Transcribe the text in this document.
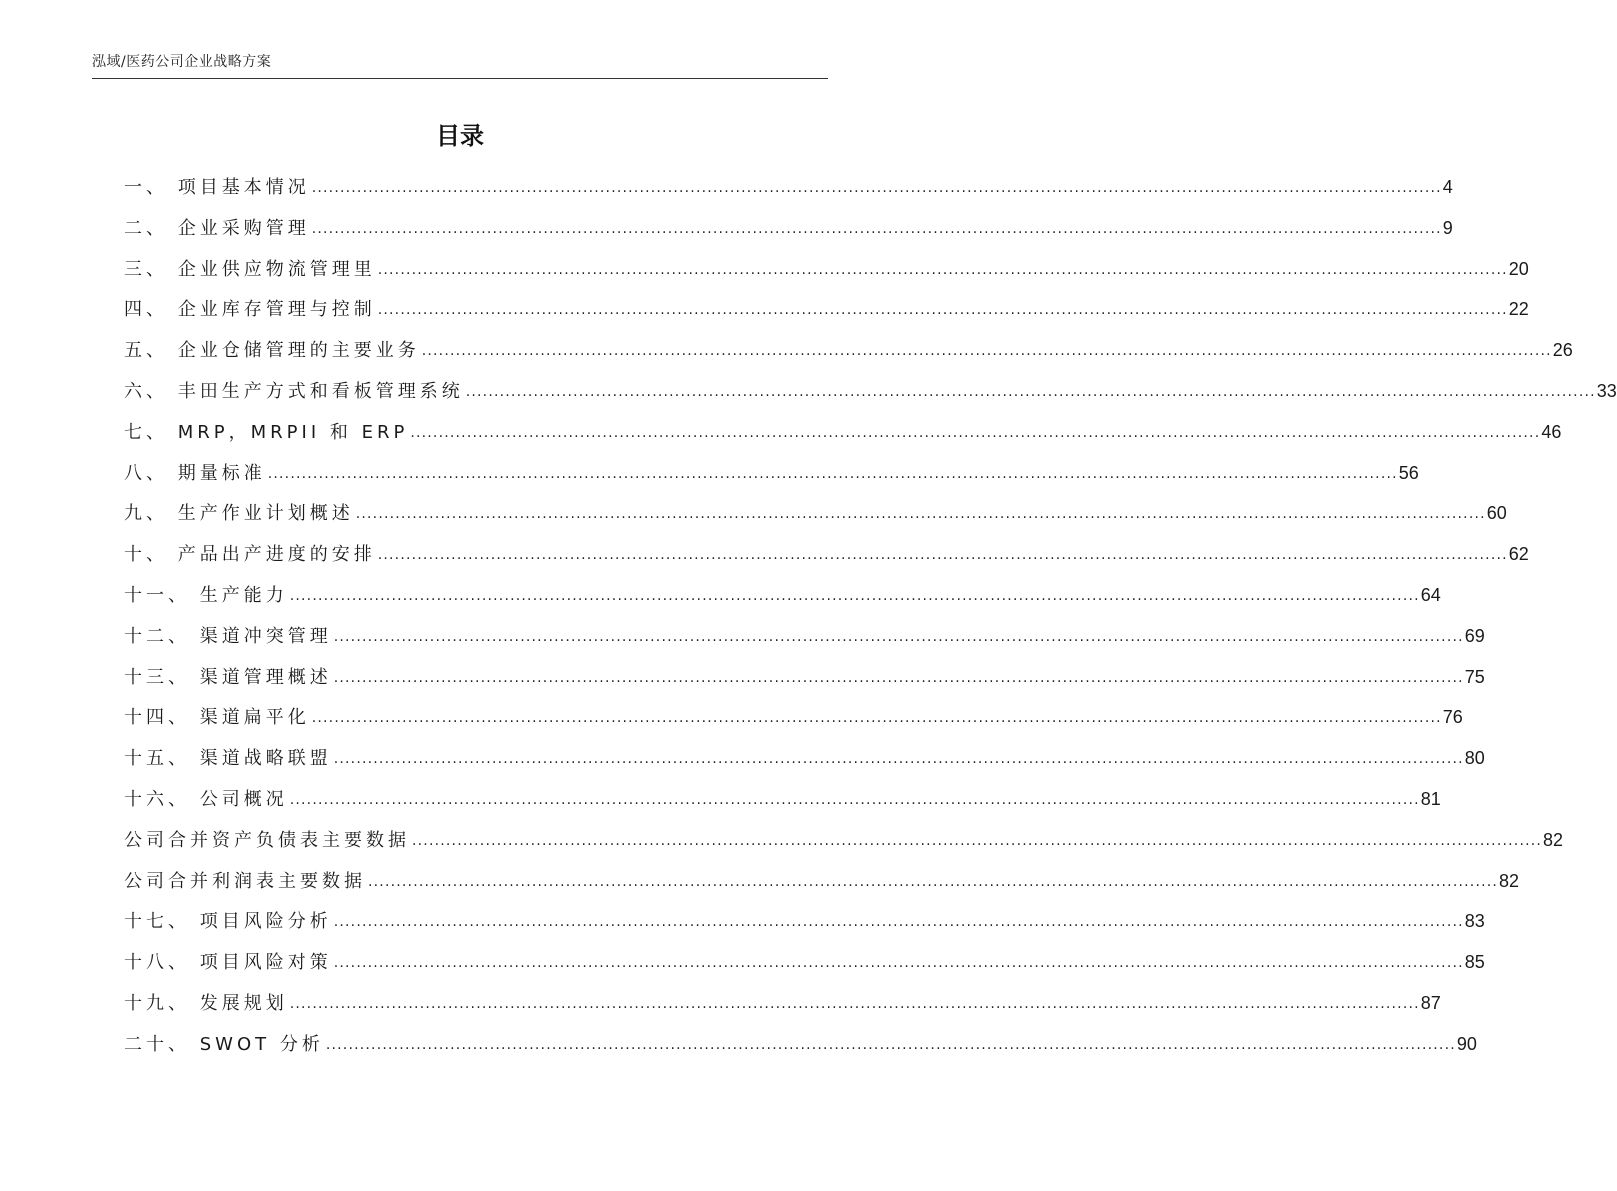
泓域/医药公司企业战略方案
目录
一、 项目基本情况 ........................................................................................................................................................................................................ 4
二、 企业采购管理 ........................................................................................................................................................................................................ 9
三、 企业供应物流管理里 ........................................................................................................................................................................................................ 20
四、 企业库存管理与控制 ........................................................................................................................................................................................................ 22
五、 企业仓储管理的主要业务 ........................................................................................................................................................................................................ 26
六、 丰田生产方式和看板管理系统 ........................................................................................................................................................................................................ 33
七、 MRP，MRPII 和 ERP ........................................................................................................................................................................................................ 46
八、 期量标准 ........................................................................................................................................................................................................ 56
九、 生产作业计划概述 ........................................................................................................................................................................................................ 60
十、 产品出产进度的安排 ........................................................................................................................................................................................................ 62
十一、 生产能力 ........................................................................................................................................................................................................ 64
十二、 渠道冲突管理 ........................................................................................................................................................................................................ 69
十三、 渠道管理概述 ........................................................................................................................................................................................................ 75
十四、 渠道扁平化 ........................................................................................................................................................................................................ 76
十五、 渠道战略联盟 ........................................................................................................................................................................................................ 80
十六、 公司概况 ........................................................................................................................................................................................................ 81
公司合并资产负债表主要数据 ........................................................................................................................................................................................................ 82
公司合并利润表主要数据 ........................................................................................................................................................................................................ 82
十七、 项目风险分析 ........................................................................................................................................................................................................ 83
十八、 项目风险对策 ........................................................................................................................................................................................................ 85
十九、 发展规划 ........................................................................................................................................................................................................ 87
二十、 SWOT 分析 ........................................................................................................................................................................................................ 90
